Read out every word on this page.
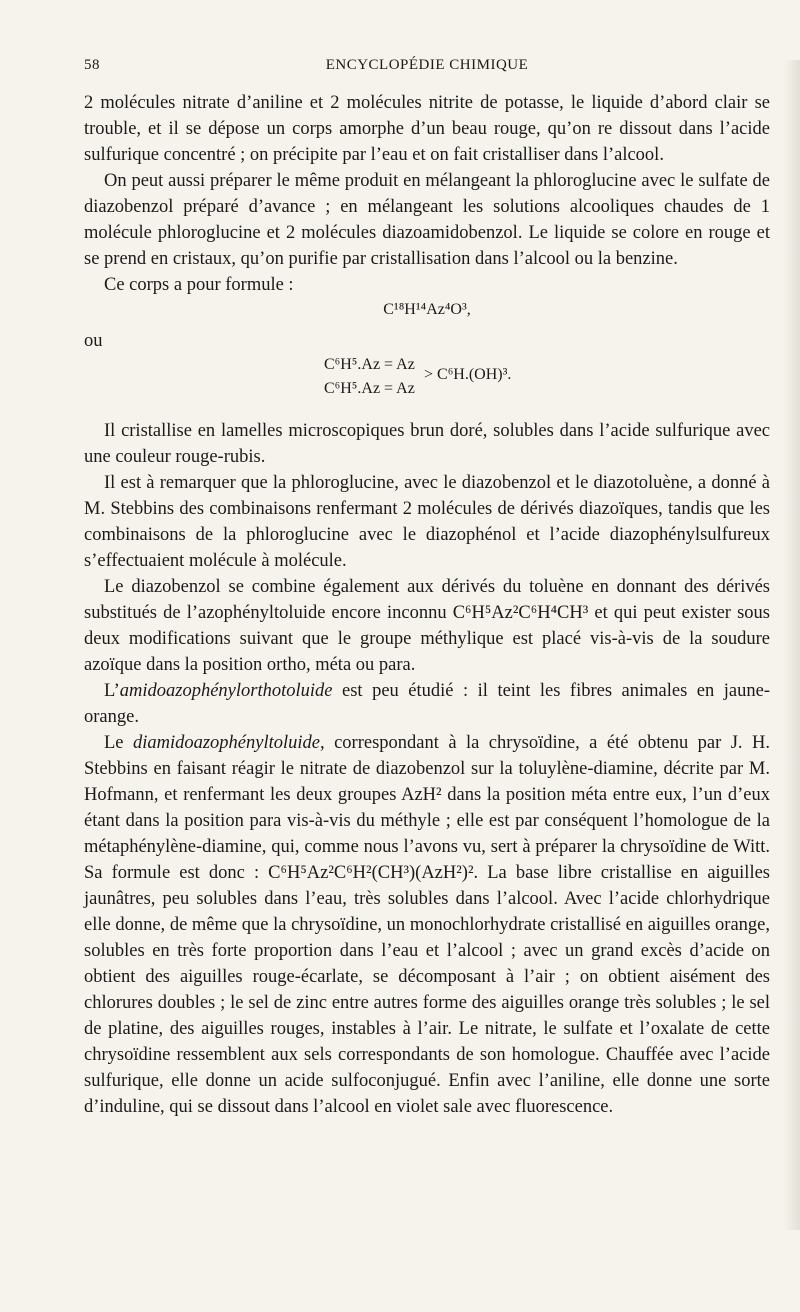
58	ENCYCLOPÉDIE CHIMIQUE

2 molécules nitrate d’aniline et 2 molécules nitrite de potasse, le liquide d’abord clair se trouble, et il se dépose un corps amorphe d’un beau rouge, qu’on re dissout dans l’acide sulfurique concentré ; on précipite par l’eau et on fait cristalliser dans l’alcool.

On peut aussi préparer le même produit en mélangeant la phloroglucine avec le sulfate de diazobenzol préparé d’avance ; en mélangeant les solutions alcooliques chaudes de 1 molécule phloroglucine et 2 molécules diazoamidobenzol. Le liquide se colore en rouge et se prend en cristaux, qu’on purifie par cristallisation dans l’alcool ou la benzine.

Ce corps a pour formule :

C¹⁸H¹⁴Az⁴O³,
ou
C⁶H⁵.Az = Az
C⁶H⁵.Az = Az
> C⁶H.(OH)³.

Il cristallise en lamelles microscopiques brun doré, solubles dans l’acide sulfurique avec une couleur rouge-rubis.

Il est à remarquer que la phloroglucine, avec le diazobenzol et le diazotoluène, a donné à M. Stebbins des combinaisons renfermant 2 molécules de dérivés diazoïques, tandis que les combinaisons de la phloroglucine avec le diazophénol et l’acide diazophénylsulfureux s’effectuaient molécule à molécule.

Le diazobenzol se combine également aux dérivés du toluène en donnant des dérivés substitués de l’azophényltoluide encore inconnu C⁶H⁵Az²C⁶H⁴CH³ et qui peut exister sous deux modifications suivant que le groupe méthylique est placé vis-à-vis de la soudure azoïque dans la position ortho, méta ou para.

L’amidoazophénylorthotoluide est peu étudié : il teint les fibres animales en jaune-orange.

Le diamidoazophényltoluide, correspondant à la chrysoïdine, a été obtenu par J. H. Stebbins en faisant réagir le nitrate de diazobenzol sur la toluylène-diamine, décrite par M. Hofmann, et renfermant les deux groupes AzH² dans la position méta entre eux, l’un d’eux étant dans la position para vis-à-vis du méthyle ; elle est par conséquent l’homologue de la métaphénylène-diamine, qui, comme nous l’avons vu, sert à préparer la chrysoïdine de Witt. Sa formule est donc : C⁶H⁵Az²C⁶H²(CH³)(AzH²)². La base libre cristallise en aiguilles jaunâtres, peu solubles dans l’eau, très solubles dans l’alcool. Avec l’acide chlorhydrique elle donne, de même que la chrysoïdine, un monochlorhydrate cristallisé en aiguilles orange, solubles en très forte proportion dans l’eau et l’alcool ; avec un grand excès d’acide on obtient des aiguilles rouge-écarlate, se décomposant à l’air ; on obtient aisément des chlorures doubles ; le sel de zinc entre autres forme des aiguilles orange très solubles ; le sel de platine, des aiguilles rouges, instables à l’air. Le nitrate, le sulfate et l’oxalate de cette chrysoïdine ressemblent aux sels correspondants de son homologue. Chauffée avec l’acide sulfurique, elle donne un acide sulfoconjugué. Enfin avec l’aniline, elle donne une sorte d’induline, qui se dissout dans l’alcool en violet sale avec fluorescence.
